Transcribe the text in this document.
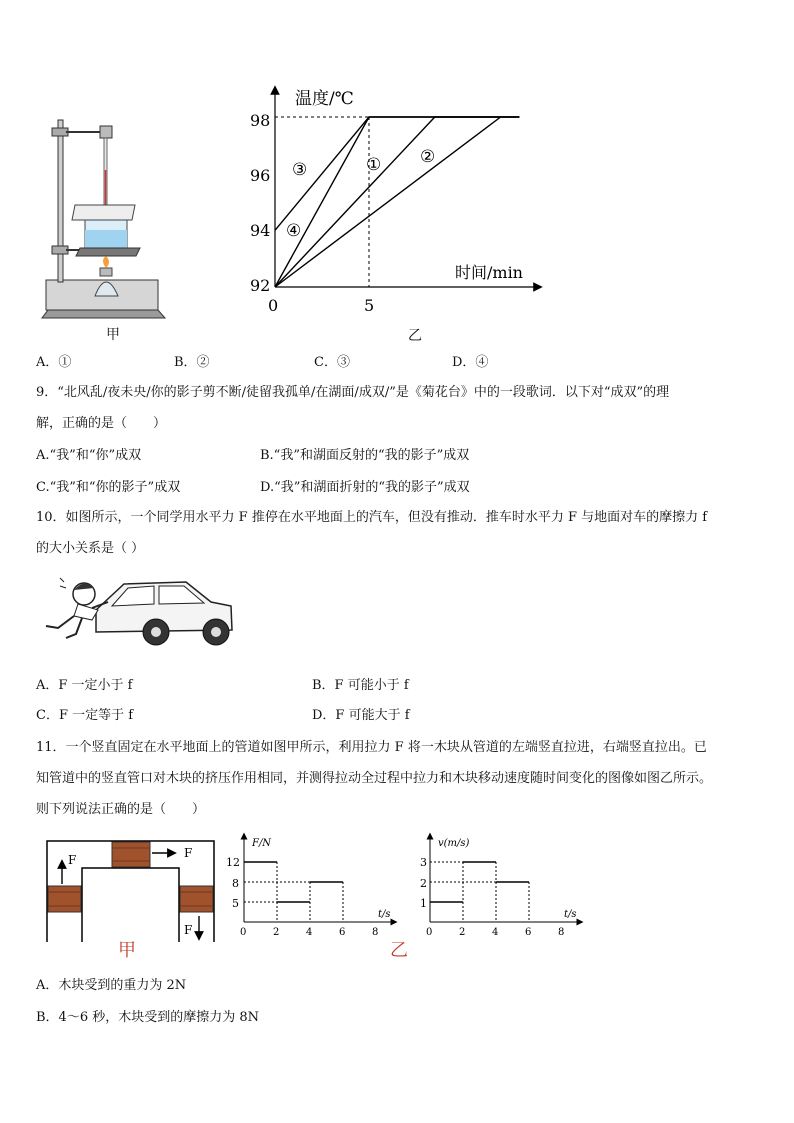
甲
温度/℃
时间/min
98
96
94
92
0	5
③	① ②
④
乙
A．①	B．②	C．③	D．④
9．“北风乱/夜未央/你的影子剪不断/徒留我孤单/在湖面/成双/”是《菊花台》中的一段歌词．以下对“成双”的理
解，正确的是（　　）
A.“我”和“你”成双	B.“我”和湖面反射的“我的影子”成双
C.“我”和“你的影子”成双	D.“我”和湖面折射的“我的影子”成双
10．如图所示，一个同学用水平力 F 推停在水平地面上的汽车，但没有推动．推车时水平力 F 与地面对车的摩擦力 f
的大小关系是（ ）
A．F 一定小于 f	B．F 可能小于 f
C．F 一定等于 f	D．F 可能大于 f
11．一个竖直固定在水平地面上的管道如图甲所示，利用拉力 F 将一木块从管道的左端竖直拉进，右端竖直拉出。已
知管道中的竖直管口对木块的挤压作用相同，并测得拉动全过程中拉力和木块移动速度随时间变化的图像如图乙所示。
则下列说法正确的是（　　）
F	F
F
甲
F/N
t/s
12
8
5
0	2	4	6	8
v(m/s)
t/s
3
2
1
0	2	4	6	8
乙
A．木块受到的重力为 2N
B．4～6 秒，木块受到的摩擦力为 8N
